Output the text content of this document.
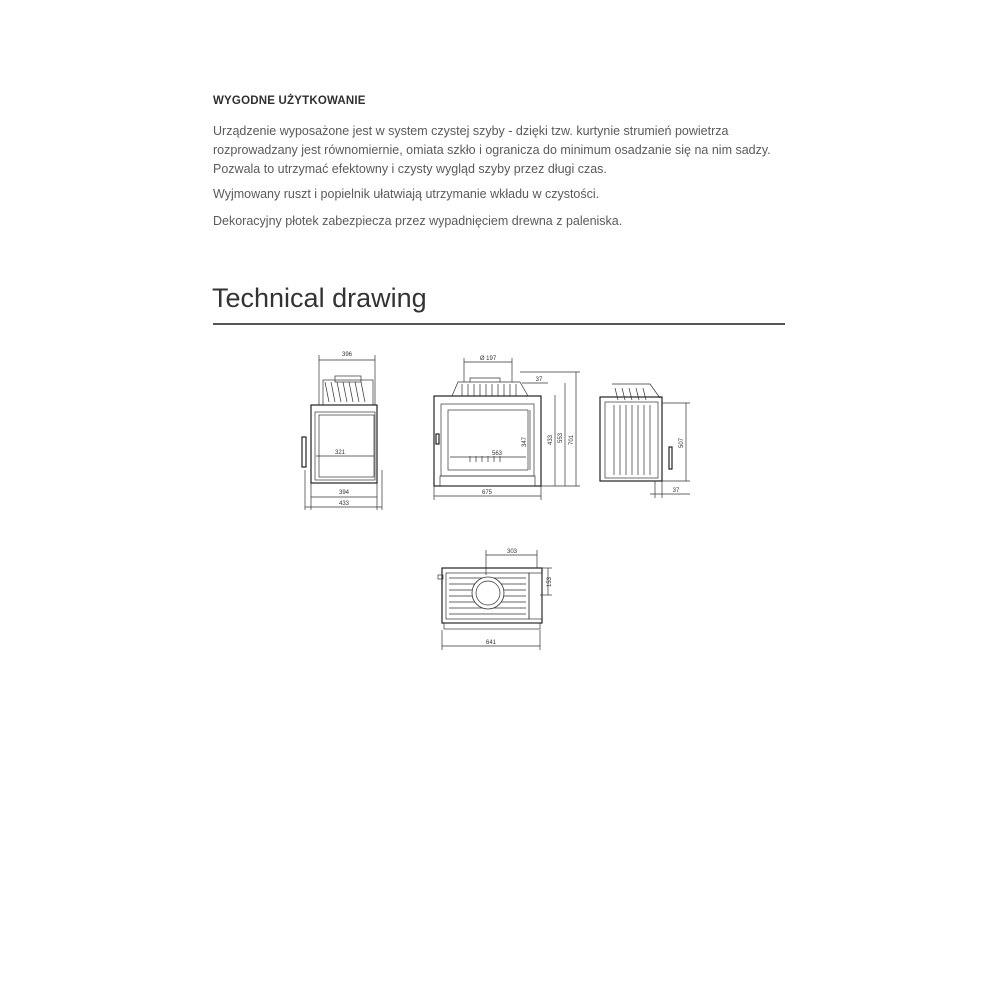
WYGODNE UŻYTKOWANIE

Urządzenie wyposażone jest w system czystej szyby - dzięki tzw. kurtynie strumień powietrza rozprowadzany jest równomiernie, omiata szkło i ogranicza do minimum osadzanie się na nim sadzy. Pozwala to utrzymać efektowny i czysty wygląd szyby przez długi czas.

Wyjmowany ruszt i popielnik ułatwiają utrzymanie wkładu w czystości.

Dekoracyjny płotek zabezpiecza przez wypadnięciem drewna z paleniska.

Technical drawing
396
321
394
433
Ø 197
37
563
347	433 553 701
675
507
37
303
153
641
